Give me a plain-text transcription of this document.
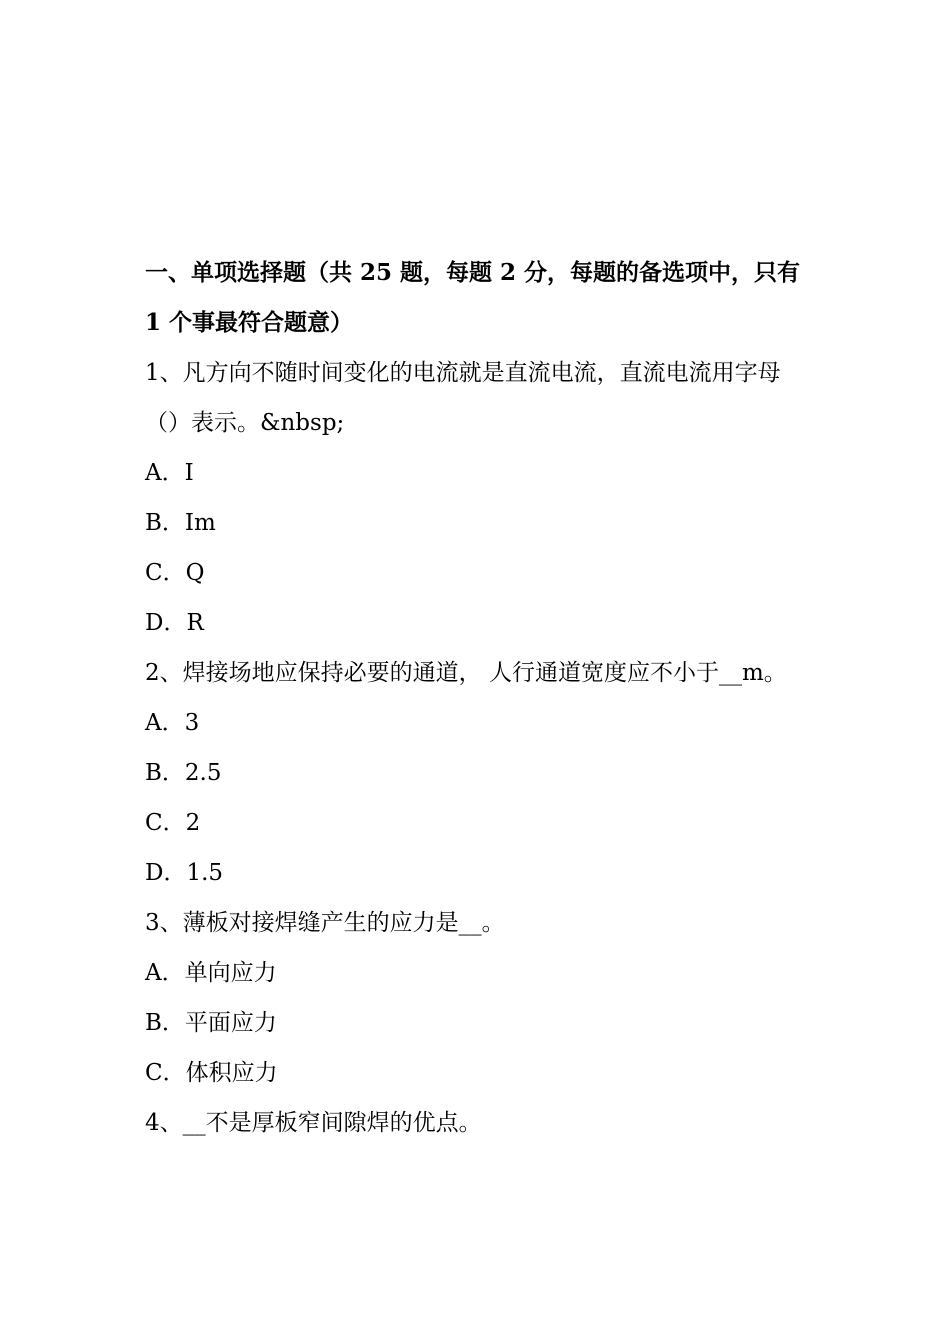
一、单项选择题（共 25 题，每题 2 分，每题的备选项中，只有 1 个事最符合题意）

1、凡方向不随时间变化的电流就是直流电流，直流电流用字母（）表示。&nbsp;

A．I

B．Im

C．Q

D．R

2、焊接场地应保持必要的通道， 人行通道宽度应不小于__m。

A．3

B．2.5

C．2

D．1.5

3、薄板对接焊缝产生的应力是__。

A．单向应力

B．平面应力

C．体积应力

4、__不是厚板窄间隙焊的优点。
